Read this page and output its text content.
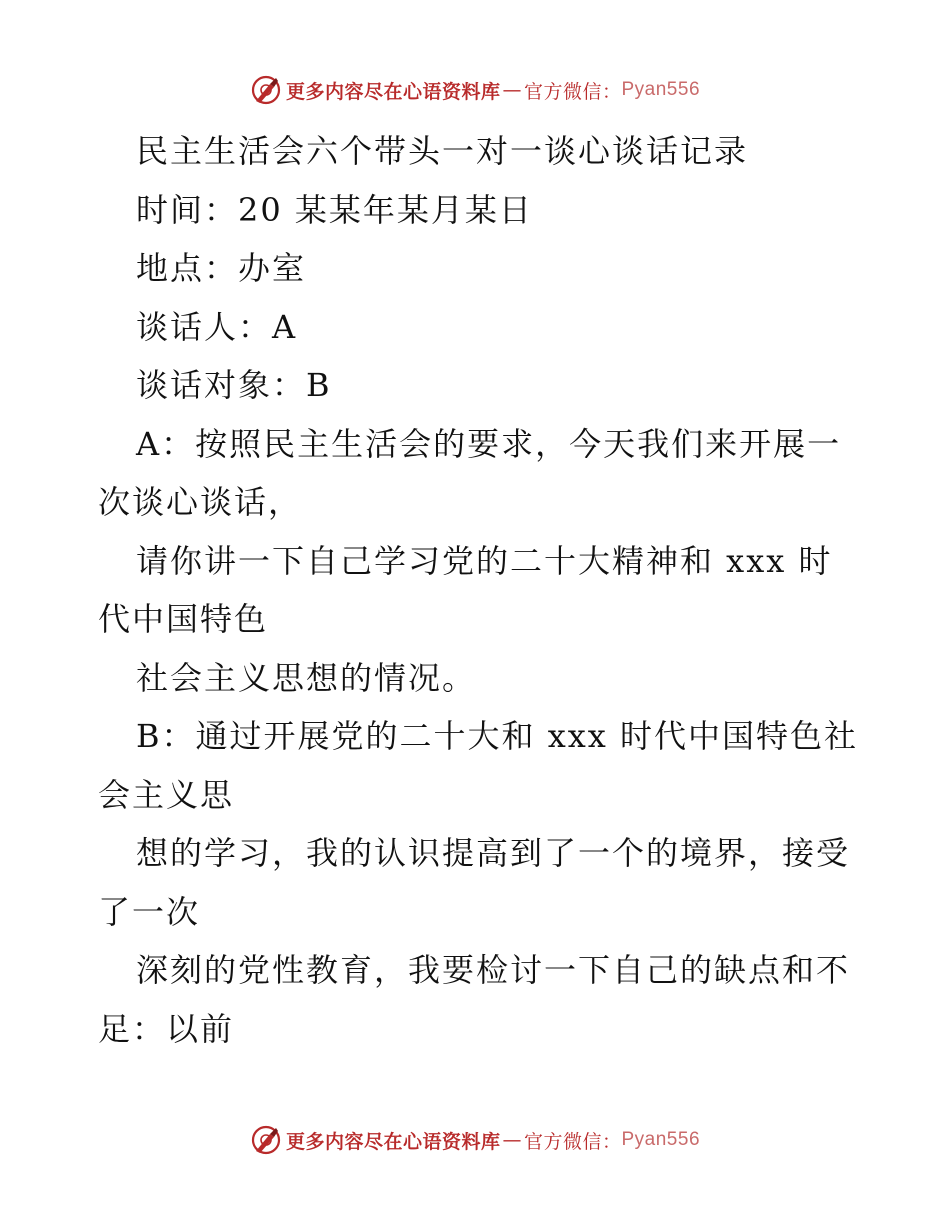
更多内容尽在心语资料库 — 官方微信： Pyan556

民主生活会六个带头一对一谈心谈话记录

时间：20 某某年某月某日

地点：办室

谈话人：A

谈话对象：B

A：按照民主生活会的要求，今天我们来开展一

次谈心谈话，

请你讲一下自己学习党的二十大精神和 xxx 时

代中国特色

社会主义思想的情况。

B：通过开展党的二十大和 xxx 时代中国特色社

会主义思

想的学习，我的认识提高到了一个的境界，接受

了一次

深刻的党性教育，我要检讨一下自己的缺点和不

足：以前

更多内容尽在心语资料库 — 官方微信： Pyan556
